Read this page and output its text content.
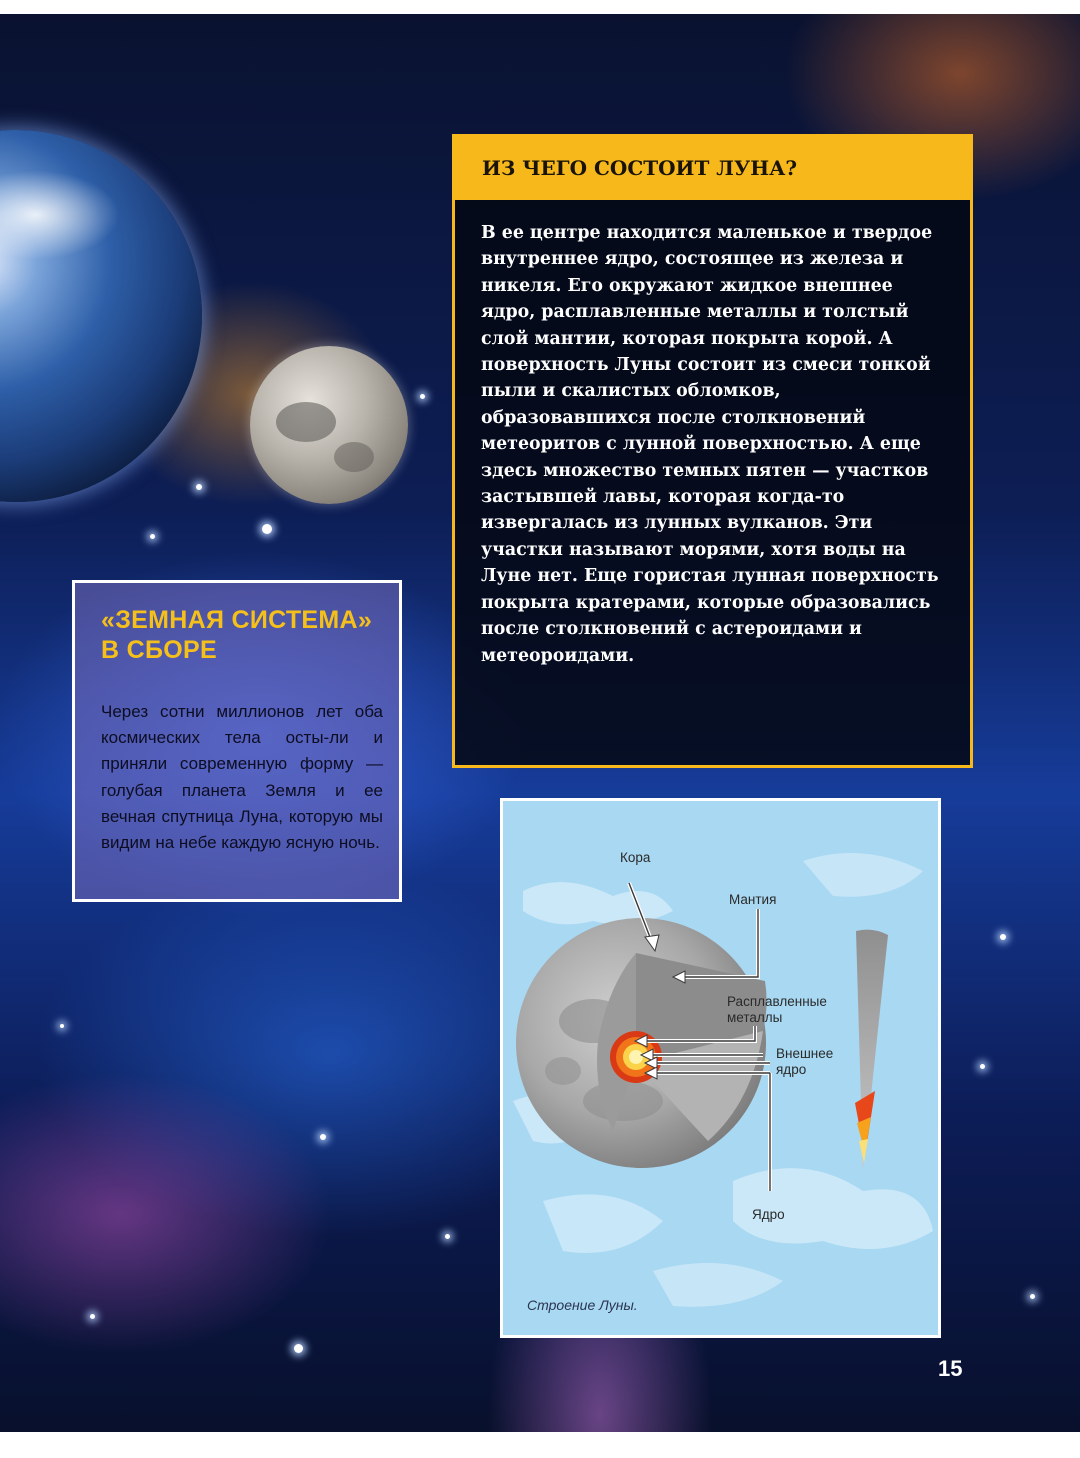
«ЗЕМНАЯ СИСТЕМА» В СБОРЕ

Через сотни миллионов лет оба космических тела осты-ли и приняли современную форму — голубая планета Земля и ее вечная спутница Луна, которую мы видим на небе каждую ясную ночь.

ИЗ ЧЕГО СОСТОИТ ЛУНА?

В ее центре находится маленькое и твердое внутреннее ядро, состоящее из железа и никеля. Его окружают жидкое внешнее ядро, расплавленные металлы и толстый слой мантии, которая покрыта корой. А поверхность Луны состоит из смеси тонкой пыли и скалистых обломков, образовавшихся после столкновений метеоритов с лунной поверхностью. А еще здесь множество темных пятен — участков застывшей лавы, которая когда-то извергалась из лунных вулканов. Эти участки называют морями, хотя воды на Луне нет. Еще гористая лунная поверхность покрыта кратерами, которые образовались после столкновений с астероидами и метеороидами.

Кора

Мантия

Расплавленные металлы

Внешнее ядро

Ядро

Строение Луны.

15
